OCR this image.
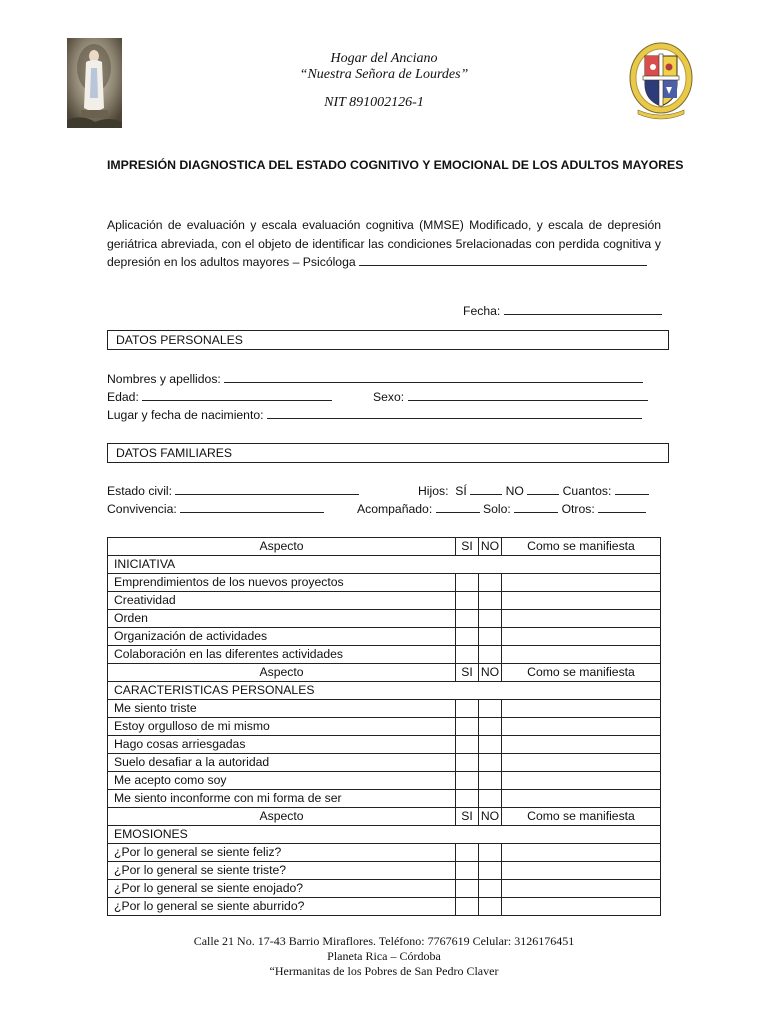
Hogar del Anciano
“Nuestra Señora de Lourdes”
NIT 891002126-1
IMPRESIÓN DIAGNOSTICA DEL ESTADO COGNITIVO Y EMOCIONAL DE LOS ADULTOS MAYORES
Aplicación de evaluación y escala evaluación cognitiva (MMSE) Modificado, y escala de depresión geriátrica abreviada, con el objeto de identificar las condiciones 5relacionadas con perdida cognitiva y depresión en los adultos mayores – Psicóloga
Fecha:
DATOS PERSONALES
Nombres y apellidos:
Edad:	Sexo:
Lugar y fecha de nacimiento:
DATOS FAMILIARES
Estado civil:	Hijos: SÍ	NO	Cuantos:
Convivencia:	Acompañado:	Solo:	Otros:
Aspecto	SI	NO	Como se manifiesta
INICIATIVA			
Emprendimientos de los nuevos proyectos			
Creatividad			
Orden			
Organización de actividades			
Colaboración en las diferentes actividades			
Aspecto	SI	NO	Como se manifiesta
CARACTERISTICAS PERSONALES			
Me siento triste			
Estoy orgulloso de mi mismo			
Hago cosas arriesgadas			
Suelo desafiar a la autoridad			
Me acepto como soy			
Me siento inconforme con mi forma de ser			
Aspecto	SI	NO	Como se manifiesta
EMOSIONES			
¿Por lo general se siente feliz?			
¿Por lo general se siente triste?			
¿Por lo general se siente enojado?			
¿Por lo general se siente aburrido?			
Calle 21 No. 17-43 Barrio Miraflores. Teléfono: 7767619 Celular: 3126176451
Planeta Rica – Córdoba
“Hermanitas de los Pobres de San Pedro Claver
